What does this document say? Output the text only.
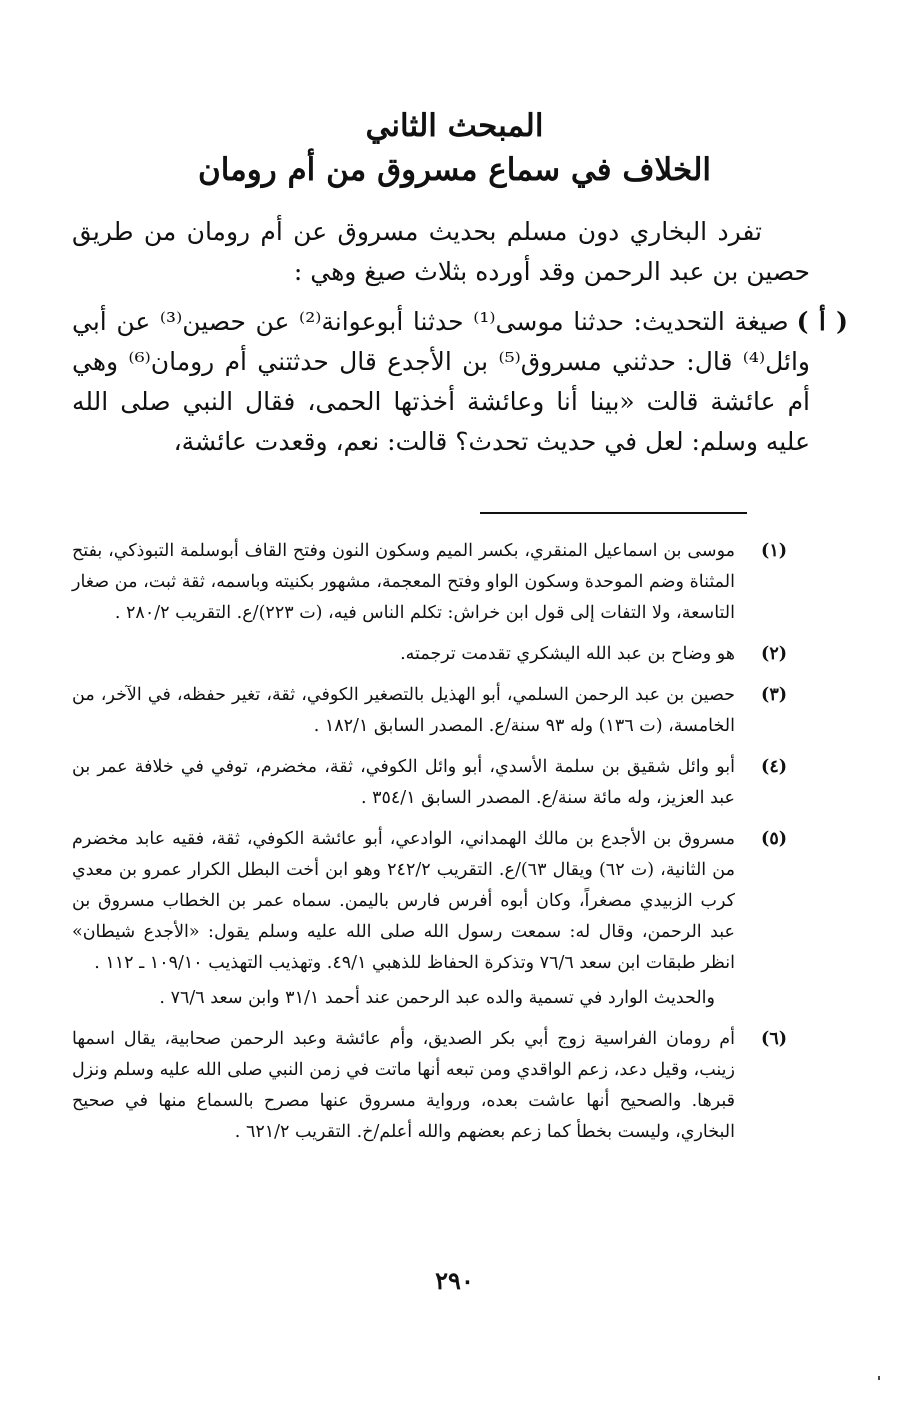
المبحث الثاني
الخلاف في سماع مسروق من أم رومان
تفرد البخاري دون مسلم بحديث مسروق عن أم رومان من طريق حصين بن عبد الرحمن وقد أورده بثلاث صيغ وهي :
( أ )صيغة التحديث: حدثنا موسى⁽¹⁾ حدثنا أبوعوانة⁽²⁾ عن حصين⁽³⁾ عن أبي وائل⁽⁴⁾ قال: حدثني مسروق⁽⁵⁾ بن الأجدع قال حدثتني أم رومان⁽⁶⁾ وهي أم عائشة قالت «بينا أنا وعائشة أخذتها الحمى، فقال النبي صلى الله عليه وسلم: لعل في حديث تحدث؟ قالت: نعم، وقعدت عائشة،
(١)
موسى بن اسماعيل المنقري، بكسر الميم وسكون النون وفتح القاف أبوسلمة التبوذكي، بفتح المثناة وضم الموحدة وسكون الواو وفتح المعجمة، مشهور بكنيته وباسمه، ثقة ثبت، من صغار التاسعة، ولا التفات إلى قول ابن خراش: تكلم الناس فيه، (ت ٢٢٣)/ع. التقريب ٢٨٠/٢ .
(٢)
هو وضاح بن عبد الله اليشكري تقدمت ترجمته.
(٣)
حصين بن عبد الرحمن السلمي، أبو الهذيل بالتصغير الكوفي، ثقة، تغير حفظه، في الآخر، من الخامسة، (ت ١٣٦) وله ٩٣ سنة/ع. المصدر السابق ١٨٢/١ .
(٤)
أبو وائل شقيق بن سلمة الأسدي، أبو وائل الكوفي، ثقة، مخضرم، توفي في خلافة عمر بن عبد العزيز، وله مائة سنة/ع. المصدر السابق ٣٥٤/١ .
(٥)
مسروق بن الأجدع بن مالك الهمداني، الوادعي، أبو عائشة الكوفي، ثقة، فقيه عابد مخضرم من الثانية، (ت ٦٢) ويقال ٦٣)/ع. التقريب ٢٤٢/٢ وهو ابن أخت البطل الكرار عمرو بن معدي كرب الزبيدي مصغراً، وكان أبوه أفرس فارس باليمن. سماه عمر بن الخطاب مسروق بن عبد الرحمن، وقال له: سمعت رسول الله صلى الله عليه وسلم يقول: «الأجدع شيطان» انظر طبقات ابن سعد ٧٦/٦ وتذكرة الحفاظ للذهبي ٤٩/١. وتهذيب التهذيب ١٠٩/١٠ ـ ١١٢ .
والحديث الوارد في تسمية والده عبد الرحمن عند أحمد ٣١/١ وابن سعد ٧٦/٦ .
(٦)
أم رومان الفراسية زوج أبي بكر الصديق، وأم عائشة وعبد الرحمن صحابية، يقال اسمها زينب، وقيل دعد، زعم الواقدي ومن تبعه أنها ماتت في زمن النبي صلى الله عليه وسلم ونزل قبرها. والصحيح أنها عاشت بعده، ورواية مسروق عنها مصرح بالسماع منها في صحيح البخاري، وليست بخطأ كما زعم بعضهم والله أعلم/خ. التقريب ٦٢١/٢ .
٢٩٠
